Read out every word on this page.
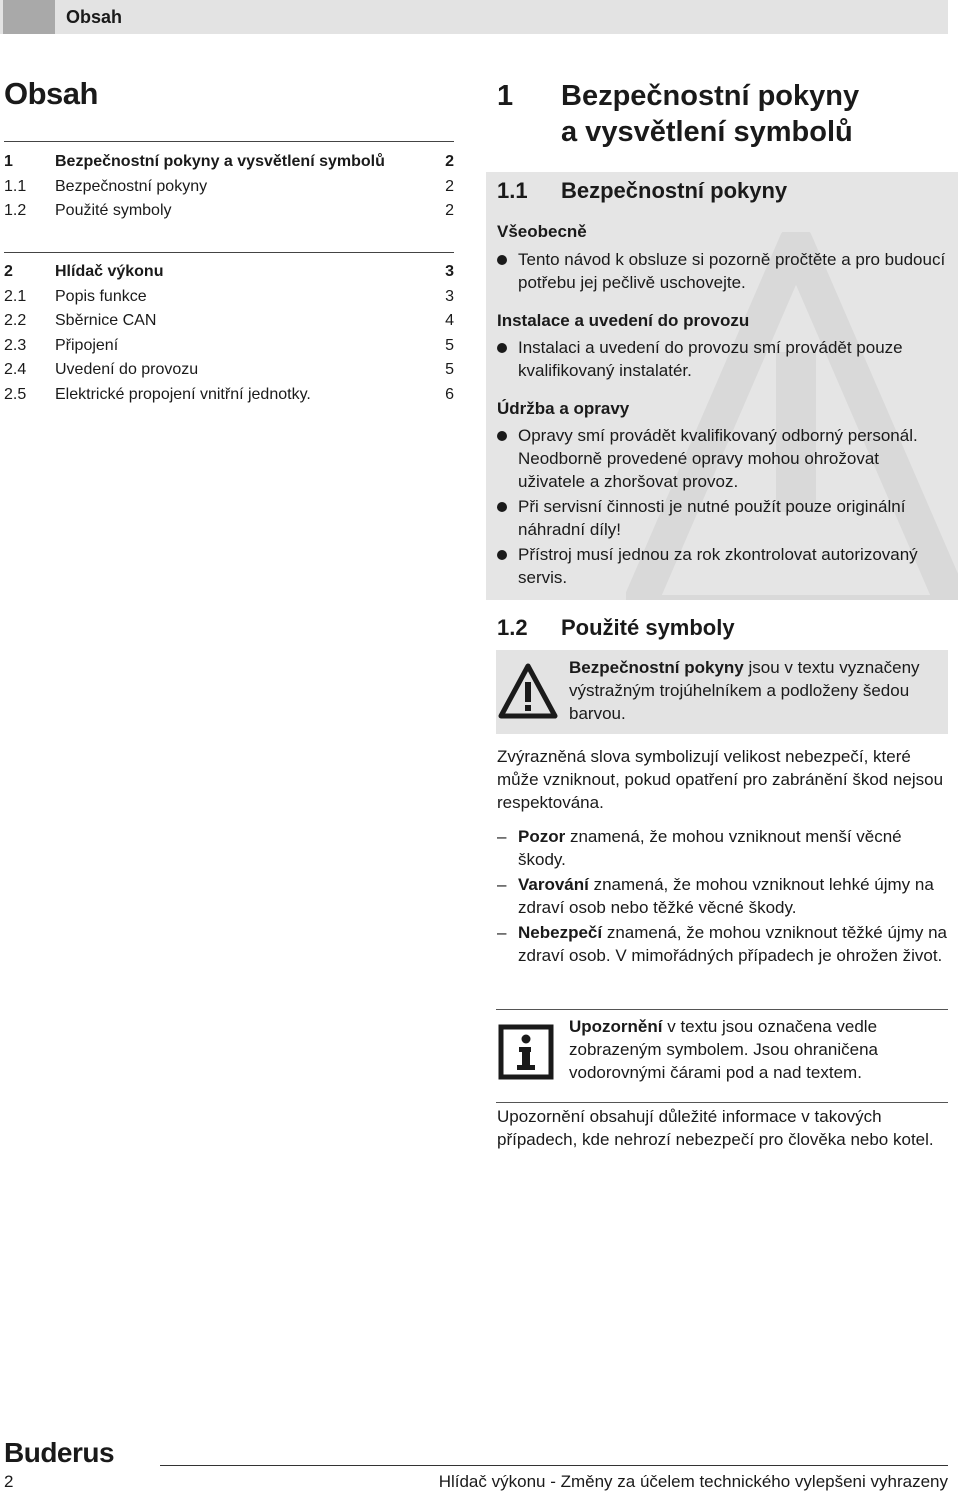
Obsah
Obsah
1	Bezpečnostní pokyny a vysvětlení symbolů	2
1.1 Bezpečnostní pokyny	2
1.2 Použité symboly	2
2	Hlídač výkonu	3
2.1 Popis funkce	3
2.2 Sběrnice CAN	4
2.3 Připojení	5
2.4 Uvedení do provozu	5
2.5 Elektrické propojení vnitřní jednotky.	6
1 Bezpečnostní pokyny
a vysvětlení symbolů
1.1 Bezpečnostní pokyny
Všeobecně
Tento návod k obsluze si pozorně pročtěte a pro budoucí potřebu jej pečlivě uschovejte.
Instalace a uvedení do provozu
Instalaci a uvedení do provozu smí provádět pouze kvalifikovaný instalatér.
Údržba a opravy
Opravy smí provádět kvalifikovaný odborný personál. Neodborně provedené opravy mohou ohrožovat uživatele a zhoršovat provoz.
Při servisní činnosti je nutné použít pouze originální náhradní díly!
Přístroj musí jednou za rok zkontrolovat autorizovaný servis.
1.2 Použité symboly
Bezpečnostní pokyny jsou v textu vyznačeny výstražným trojúhelníkem a podloženy šedou barvou.
Zvýrazněná slova symbolizují velikost nebezpečí, které může vzniknout, pokud opatření pro zabránění škod nejsou respektována.
– Pozor znamená, že mohou vzniknout menší věcné škody.
– Varování znamená, že mohou vzniknout lehké újmy na zdraví osob nebo těžké věcné škody.
– Nebezpečí znamená, že mohou vzniknout těžké újmy na zdraví osob. V mimořádných případech je ohrožen život.
Upozornění v textu jsou označena vedle zobrazeným symbolem. Jsou ohraničena vodorovnými čárami pod a nad textem.
Upozornění obsahují důležité informace v takových případech, kde nehrozí nebezpečí pro člověka nebo kotel.
Buderus
2	Hlídač výkonu - Změny za účelem technického vylepšeni vyhrazeny
